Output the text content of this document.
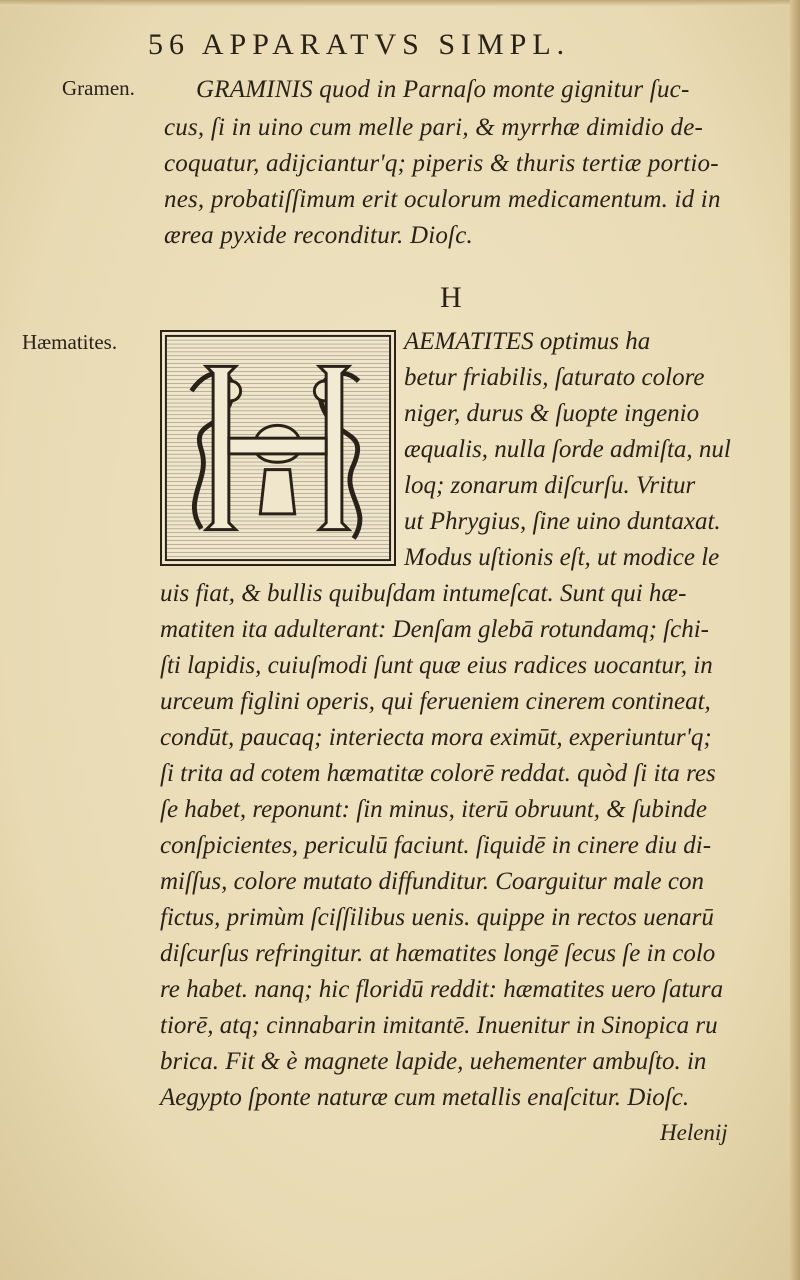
56 APPARATVS SIMPL.
Gramen.
Hæmatites.
GRAMINIS quod in Parnaſo monte gignitur ſuc-
cus, ſi in uino cum melle pari, & myrrhæ dimidio de-
coquatur, adijciantur'q; piperis & thuris tertiæ portio-
nes, probatiſſimum erit oculorum medicamentum. id in
ærea pyxide reconditur. Dioſc.
H
AEMATITES optimus ha
betur friabilis, ſaturato colore
niger, durus & ſuopte ingenio
æqualis, nulla ſorde admiſta, nul
loq; zonarum diſcurſu. Vritur
ut Phrygius, ſine uino duntaxat.
Modus uſtionis eſt, ut modice le
uis fiat, & bullis quibuſdam intumeſcat. Sunt qui hæ-
matiten ita adulterant: Denſam glebā rotundamq; ſchi-
ſti lapidis, cuiuſmodi ſunt quæ eius radices uocantur, in
urceum figlini operis, qui ferueniem cinerem contineat,
condūt, paucaq; interiecta mora eximūt, experiuntur'q;
ſi trita ad cotem hæmatitæ colorē reddat. quòd ſi ita res
ſe habet, reponunt: ſin minus, iterū obruunt, & ſubinde
conſpicientes, periculū faciunt. ſiquidē in cinere diu di-
miſſus, colore mutato diffunditur. Coarguitur male con
fictus, primùm ſciſſilibus uenis. quippe in rectos uenarū
diſcurſus refringitur. at hæmatites longē ſecus ſe in colo
re habet. nanq; hic floridū reddit: hæmatites uero ſatura
tiorē, atq; cinnabarin imitantē. Inuenitur in Sinopica ru
brica. Fit & è magnete lapide, uehementer ambuſto. in
Aegypto ſponte naturæ cum metallis enaſcitur. Dioſc.
Helenij
